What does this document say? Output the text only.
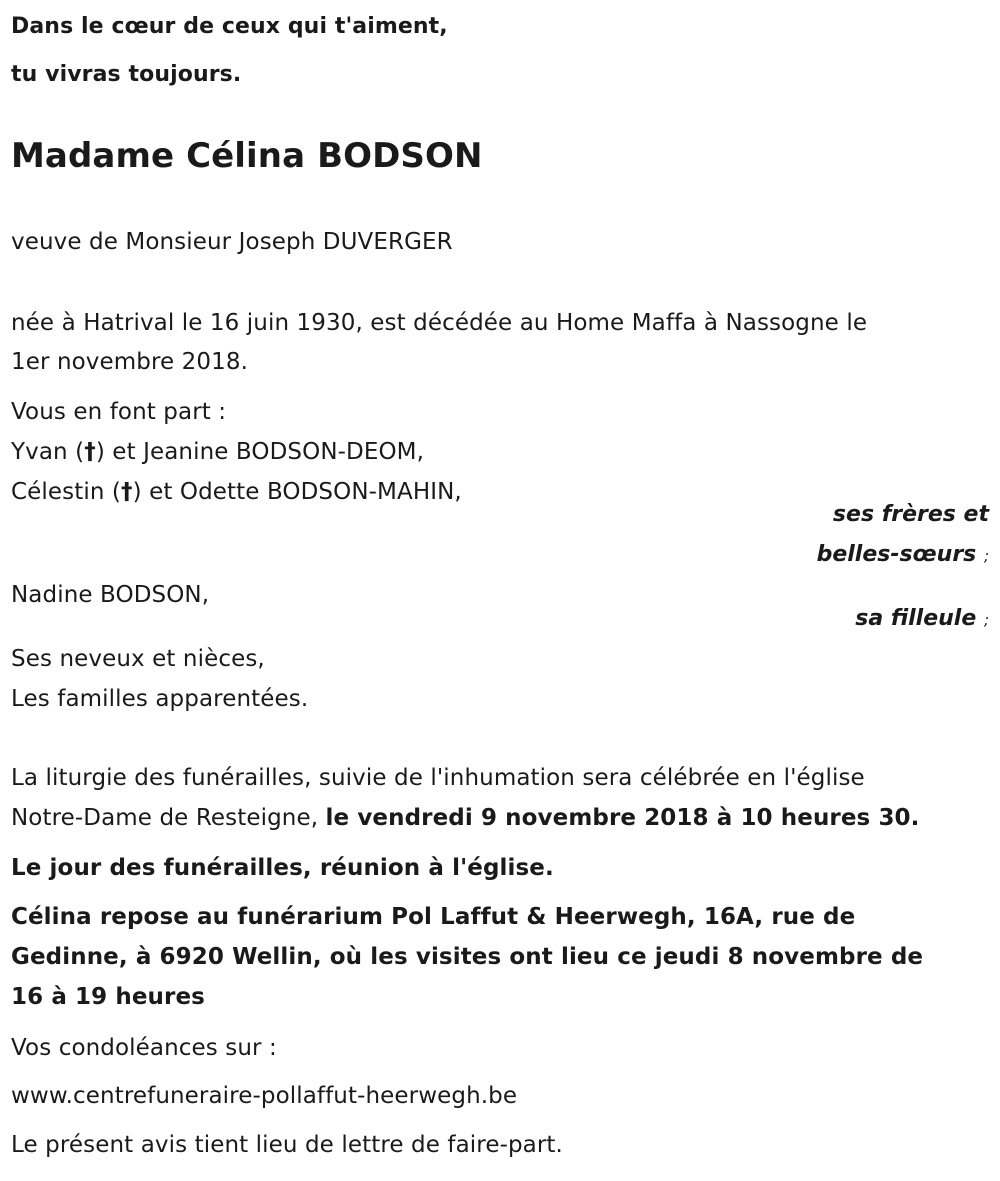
Dans le cœur de ceux qui t'aiment,
tu vivras toujours.
Madame Célina BODSON
veuve de Monsieur Joseph DUVERGER
née à Hatrival le 16 juin 1930, est décédée au Home Maffa à Nassogne le
1er novembre 2018.
Vous en font part :
Yvan (†) et Jeanine BODSON-DEOM,
Célestin (†) et Odette BODSON-MAHIN,
ses frères et
belles-sœurs ;
Nadine BODSON,
sa filleule ;
Ses neveux et nièces,
Les familles apparentées.
La liturgie des funérailles, suivie de l'inhumation sera célébrée en l'église
Notre-Dame de Resteigne, le vendredi 9 novembre 2018 à 10 heures 30.
Le jour des funérailles, réunion à l'église.
Célina repose au funérarium Pol Laffut & Heerwegh, 16A, rue de
Gedinne, à 6920 Wellin, où les visites ont lieu ce jeudi 8 novembre de
16 à 19 heures
Vos condoléances sur :
www.centrefuneraire-pollaffut-heerwegh.be
Le présent avis tient lieu de lettre de faire-part.
